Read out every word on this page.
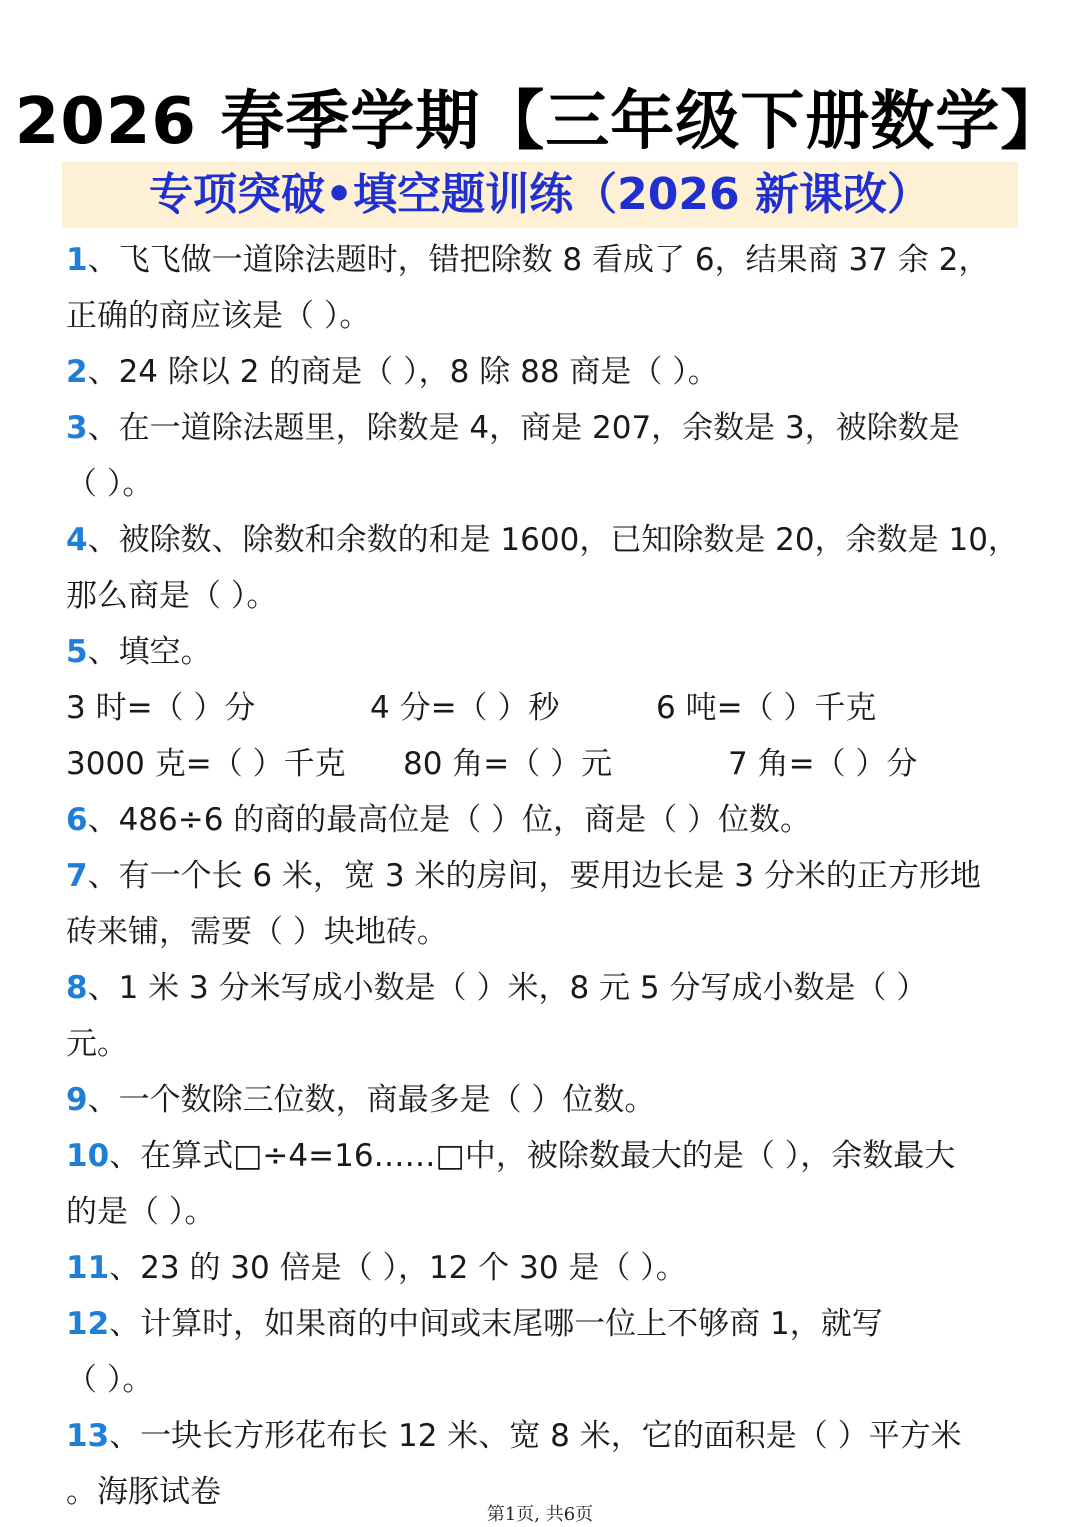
2026 春季学期【三年级下册数学】
专项突破•填空题训练（2026 新课改）
1、飞飞做一道除法题时，错把除数 8 看成了 6，结果商 37 余 2，
正确的商应该是（ ）。
2、24 除以 2 的商是（ ），8 除 88 商是（ ）。
3、在一道除法题里，除数是 4，商是 207，余数是 3，被除数是
（ ）。
4、被除数、除数和余数的和是 1600，已知除数是 20，余数是 10，
那么商是（ ）。
5、填空。
3 时=（ ）分	4 分=（ ）秒	6 吨=（ ）千克
3000 克=（ ）千克	80 角=（ ）元	7 角=（ ）分
6、486÷6 的商的最高位是（ ）位，商是（ ）位数。
7、有一个长 6 米，宽 3 米的房间，要用边长是 3 分米的正方形地
砖来铺，需要（ ）块地砖。
8、1 米 3 分米写成小数是（ ）米，8 元 5 分写成小数是（ ）
元。
9、一个数除三位数，商最多是（ ）位数。
10、在算式□÷4=16……□中，被除数最大的是（ ），余数最大
的是（ ）。
11、23 的 30 倍是（ ），12 个 30 是（ ）。
12、计算时，如果商的中间或末尾哪一位上不够商 1，就写
（ ）。
13、一块长方形花布长 12 米、宽 8 米，它的面积是（ ）平方米
。海豚试卷
第1页, 共6页
